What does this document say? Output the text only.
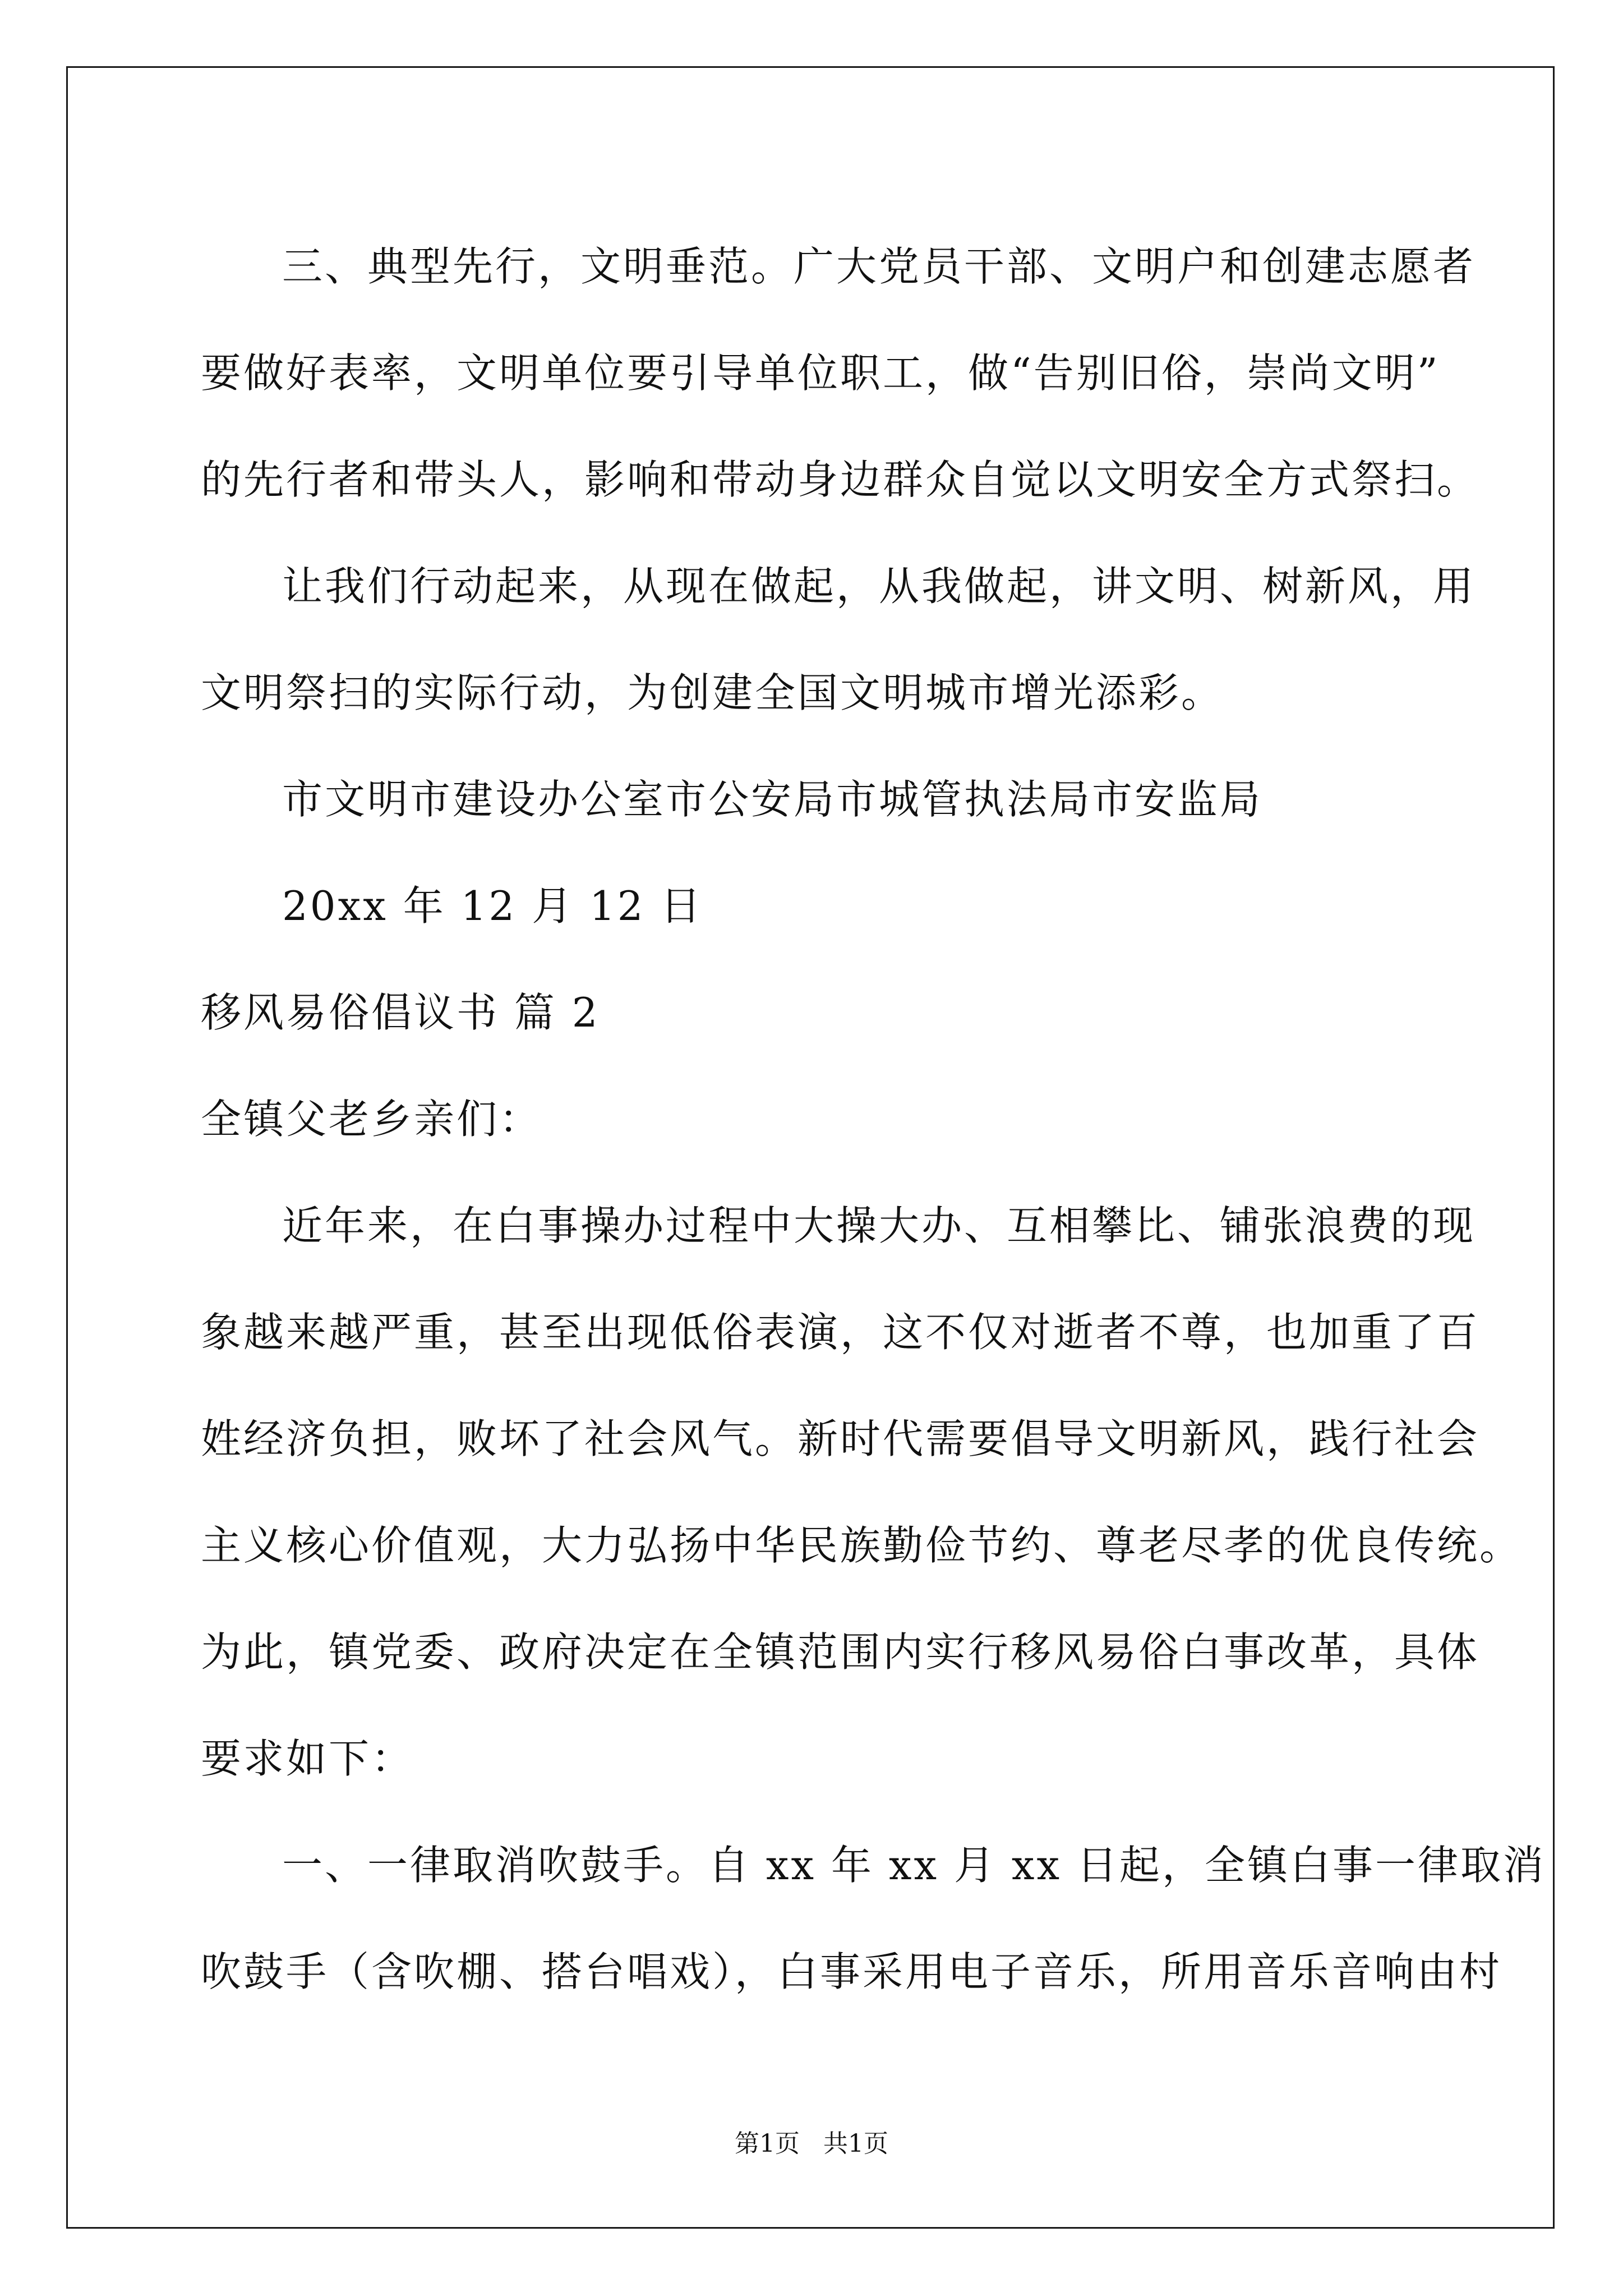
三、典型先行，文明垂范。广大党员干部、文明户和创建志愿者
要做好表率，文明单位要引导单位职工，做“告别旧俗，崇尚文明”
的先行者和带头人，影响和带动身边群众自觉以文明安全方式祭扫。
让我们行动起来，从现在做起，从我做起，讲文明、树新风，用
文明祭扫的实际行动，为创建全国文明城市增光添彩。
市文明市建设办公室市公安局市城管执法局市安监局
20xx 年 12 月 12 日
移风易俗倡议书 篇 2
全镇父老乡亲们：
近年来，在白事操办过程中大操大办、互相攀比、铺张浪费的现
象越来越严重，甚至出现低俗表演，这不仅对逝者不尊，也加重了百
姓经济负担，败坏了社会风气。新时代需要倡导文明新风，践行社会
主义核心价值观，大力弘扬中华民族勤俭节约、尊老尽孝的优良传统。
为此，镇党委、政府决定在全镇范围内实行移风易俗白事改革，具体
要求如下：
一、一律取消吹鼓手。自 xx 年 xx 月 xx 日起，全镇白事一律取消
吹鼓手（含吹棚、搭台唱戏），白事采用电子音乐，所用音乐音响由村
第1页   共1页
